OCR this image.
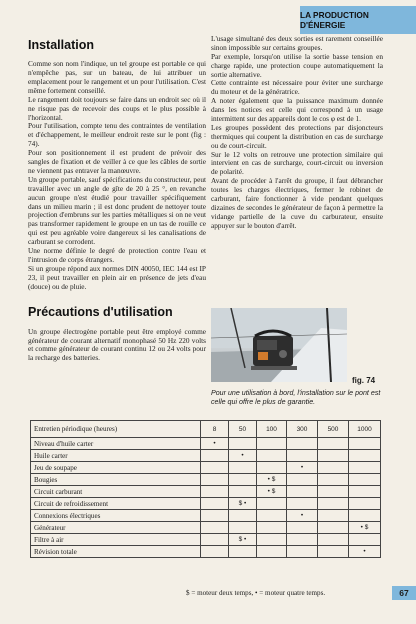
LA PRODUCTION D'ÉNERGIE
Installation

Comme son nom l'indique, un tel groupe est portable ce qui n'empêche pas, sur un bateau, de lui attribuer un emplacement pour le rangement et un pour l'utilisation. C'est même fortement conseillé.

Le rangement doit toujours se faire dans un endroit sec où il ne risque pas de recevoir des coups et le plus possible à l'horizontal.

Pour l'utilisation, compte tenu des contraintes de ventilation et d'échappement, le meilleur endroit reste sur le pont (fig : 74).

Pour son positionnement il est prudent de prévoir des sangles de fixation et de veiller à ce que les câbles de sortie ne viennent pas entraver la manœuvre.

Un groupe portable, sauf spécifications du constructeur, peut travailler avec un angle de gîte de 20 à 25 °, en revanche aucun groupe n'est étudié pour travailler spécifiquement dans un milieu marin ; il est donc prudent de nettoyer toute projection d'embruns sur les parties métalliques si on ne veut pas transformer rapidement le groupe en un tas de rouille ce qui est peu agréable voire dangereux si les canalisations de carburant se corrodent.

Une norme définie le degré de protection contre l'eau et l'intrusion de corps étrangers.

Si un groupe répond aux normes DIN 40050, IEC 144 est IP 23, il peut travailler en plein air en présence de jets d'eau (douce) ou de pluie.

Précautions d'utilisation

Un groupe électrogène portable peut être employé comme générateur de courant alternatif monophasé 50 Hz 220 volts et comme générateur de courant continu 12 ou 24 volts pour la recharge des batteries.

L'usage simultané des deux sorties est rarement conseillée sinon impossible sur certains groupes.

Par exemple, lorsqu'on utilise la sortie basse tension en charge rapide, une protection coupe automatiquement la sortie alternative.

Cette contrainte est nécessaire pour éviter une surcharge du moteur et de la génératrice.

A noter également que la puissance maximum donnée dans les notices est celle qui correspond à un usage intermittent sur des appareils dont le cos φ est de 1.

Les groupes possèdent des protections par disjoncteurs thermiques qui coupent la distribution en cas de surcharge ou de court-circuit.

Sur le 12 volts on retrouve une protection similaire qui intervient en cas de surcharge, court-circuit ou inversion de polarité.

Avant de procéder à l'arrêt du groupe, il faut débrancher toutes les charges électriques, fermer le robinet de carburant, faire fonctionner à vide pendant quelques dizaines de secondes le générateur de façon à permettre la vidange partielle de la cuve du carburateur, ensuite appuyer sur le bouton d'arrêt.

fig. 74
Pour une utilisation à bord, l'installation sur le pont est celle qui offre le plus de garantie.
Entretien périodique (heures)	8	50	100	300	500	1000
Niveau d'huile carter	•					
Huile carter		•				
Jeu de soupape				•		
Bougies			• $			
Circuit carburant			• $			
Circuit de refroidissement		$ •				
Connexions électriques				•		
Générateur						• $
Filtre à air		$ •				
Révision totale						•
$ = moteur deux temps, • = moteur quatre temps.	67
